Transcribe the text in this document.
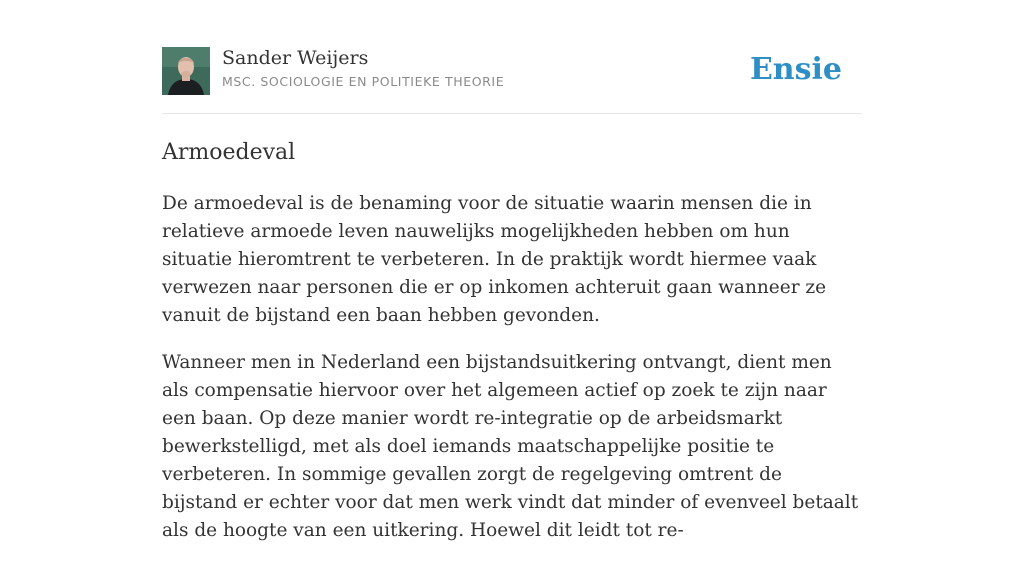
Sander Weijers
MSC. SOCIOLOGIE EN POLITIEKE THEORIE	Ensie
Armoedeval

De armoedeval is de benaming voor de situatie waarin mensen die in relatieve armoede leven nauwelijks mogelijkheden hebben om hun situatie hieromtrent te verbeteren. In de praktijk wordt hiermee vaak verwezen naar personen die er op inkomen achteruit gaan wanneer ze vanuit de bijstand een baan hebben gevonden.

Wanneer men in Nederland een bijstandsuitkering ontvangt, dient men als compensatie hiervoor over het algemeen actief op zoek te zijn naar een baan. Op deze manier wordt re-integratie op de arbeidsmarkt bewerkstelligd, met als doel iemands maatschappelijke positie te verbeteren. In sommige gevallen zorgt de regelgeving omtrent de bijstand er echter voor dat men werk vindt dat minder of evenveel betaalt als de hoogte van een uitkering. Hoewel dit leidt tot re-
